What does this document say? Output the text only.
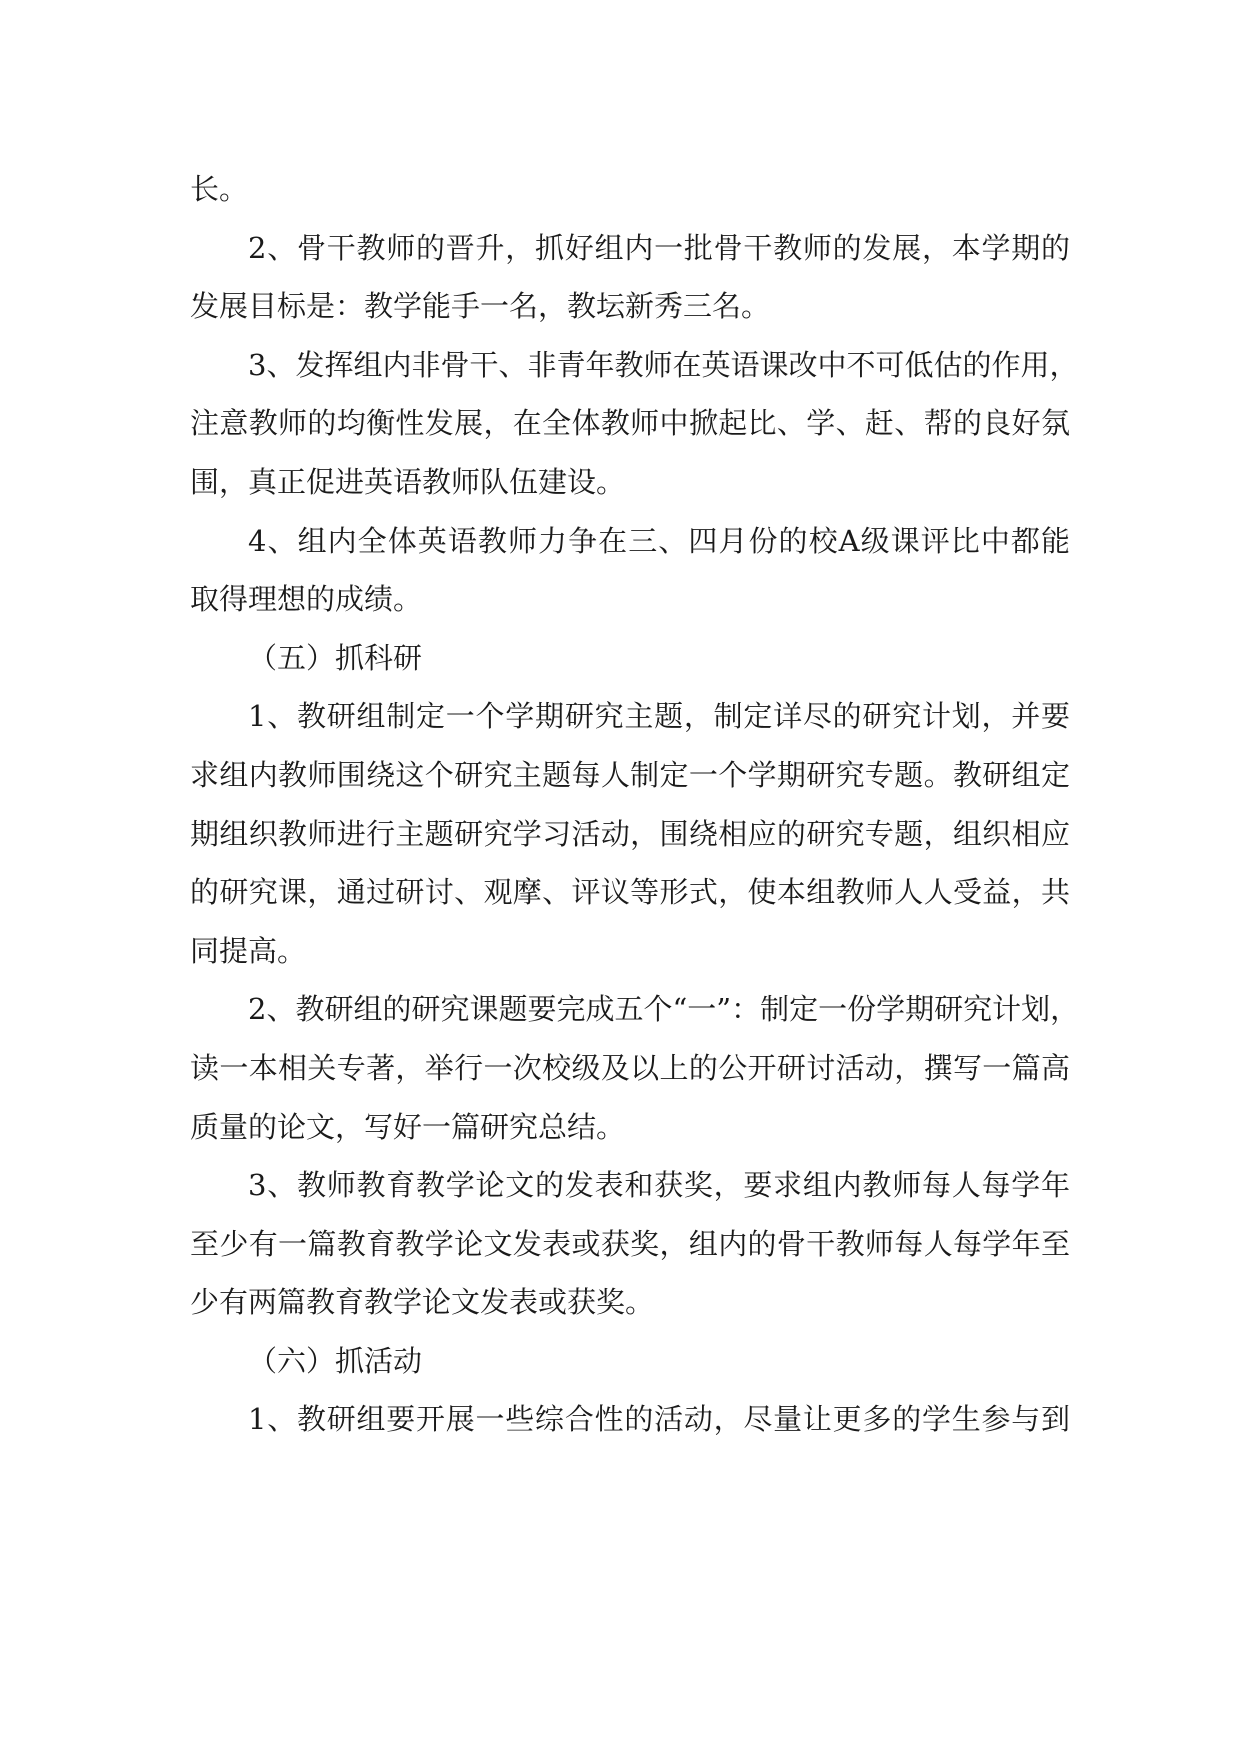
长。
2、骨干教师的晋升，抓好组内一批骨干教师的发展，本学期的
发展目标是：教学能手一名，教坛新秀三名。
3、发挥组内非骨干、非青年教师在英语课改中不可低估的作用，
注意教师的均衡性发展，在全体教师中掀起比、学、赶、帮的良好氛
围，真正促进英语教师队伍建设。
4、组内全体英语教师力争在三、四月份的校A级课评比中都能
取得理想的成绩。
（五）抓科研
1、教研组制定一个学期研究主题，制定详尽的研究计划，并要
求组内教师围绕这个研究主题每人制定一个学期研究专题。教研组定
期组织教师进行主题研究学习活动，围绕相应的研究专题，组织相应
的研究课，通过研讨、观摩、评议等形式，使本组教师人人受益，共
同提高。
2、教研组的研究课题要完成五个“一”：制定一份学期研究计划，
读一本相关专著，举行一次校级及以上的公开研讨活动，撰写一篇高
质量的论文，写好一篇研究总结。
3、教师教育教学论文的发表和获奖，要求组内教师每人每学年
至少有一篇教育教学论文发表或获奖，组内的骨干教师每人每学年至
少有两篇教育教学论文发表或获奖。
（六）抓活动
1、教研组要开展一些综合性的活动，尽量让更多的学生参与到
